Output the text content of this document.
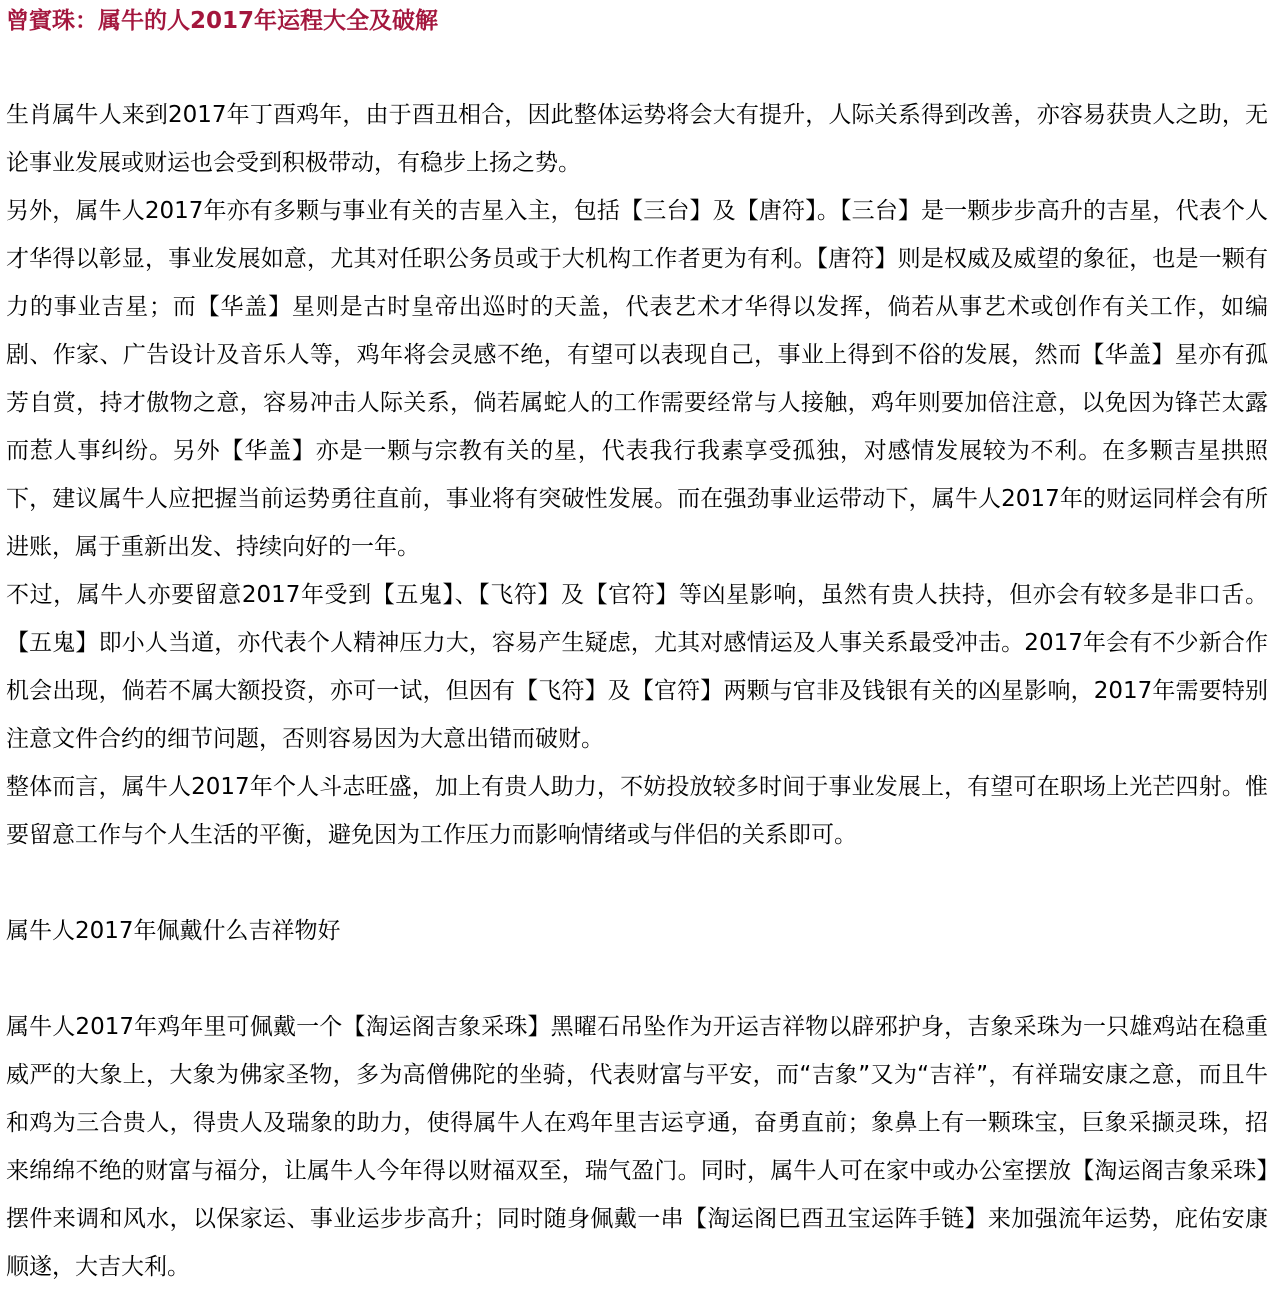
曾賓珠：属牛的人2017年运程大全及破解

生肖属牛人来到2017年丁酉鸡年，由于酉丑相合，因此整体运势将会大有提升，人际关系得到改善，亦容易获贵人之助，无论事业发展或财运也会受到积极带动，有稳步上扬之势。

另外，属牛人2017年亦有多颗与事业有关的吉星入主，包括【三台】及【唐符】。【三台】是一颗步步高升的吉星，代表个人才华得以彰显，事业发展如意，尤其对任职公务员或于大机构工作者更为有利。【唐符】则是权威及威望的象征，也是一颗有力的事业吉星；而【华盖】星则是古时皇帝出巡时的天盖，代表艺术才华得以发挥，倘若从事艺术或创作有关工作，如编剧、作家、广告设计及音乐人等，鸡年将会灵感不绝，有望可以表现自己，事业上得到不俗的发展，然而【华盖】星亦有孤芳自赏，持才傲物之意，容易冲击人际关系，倘若属蛇人的工作需要经常与人接触，鸡年则要加倍注意，以免因为锋芒太露而惹人事纠纷。另外【华盖】亦是一颗与宗教有关的星，代表我行我素享受孤独，对感情发展较为不利。在多颗吉星拱照下，建议属牛人应把握当前运势勇往直前，事业将有突破性发展。而在强劲事业运带动下，属牛人2017年的财运同样会有所进账，属于重新出发、持续向好的一年。

不过，属牛人亦要留意2017年受到【五鬼】、【飞符】及【官符】等凶星影响，虽然有贵人扶持，但亦会有较多是非口舌。【五鬼】即小人当道，亦代表个人精神压力大，容易产生疑虑，尤其对感情运及人事关系最受冲击。2017年会有不少新合作机会出现，倘若不属大额投资，亦可一试，但因有【飞符】及【官符】两颗与官非及钱银有关的凶星影响，2017年需要特别注意文件合约的细节问题，否则容易因为大意出错而破财。

整体而言，属牛人2017年个人斗志旺盛，加上有贵人助力，不妨投放较多时间于事业发展上，有望可在职场上光芒四射。惟要留意工作与个人生活的平衡，避免因为工作压力而影响情绪或与伴侣的关系即可。

属牛人2017年佩戴什么吉祥物好

属牛人2017年鸡年里可佩戴一个【淘运阁吉象采珠】黑曜石吊坠作为开运吉祥物以辟邪护身，吉象采珠为一只雄鸡站在稳重威严的大象上，大象为佛家圣物，多为高僧佛陀的坐骑，代表财富与平安，而“吉象”又为“吉祥”，有祥瑞安康之意，而且牛和鸡为三合贵人，得贵人及瑞象的助力，使得属牛人在鸡年里吉运亨通，奋勇直前；象鼻上有一颗珠宝，巨象采撷灵珠，招来绵绵不绝的财富与福分，让属牛人今年得以财福双至，瑞气盈门。同时，属牛人可在家中或办公室摆放【淘运阁吉象采珠】摆件来调和风水，以保家运、事业运步步高升；同时随身佩戴一串【淘运阁巳酉丑宝运阵手链】来加强流年运势，庇佑安康顺遂，大吉大利。
